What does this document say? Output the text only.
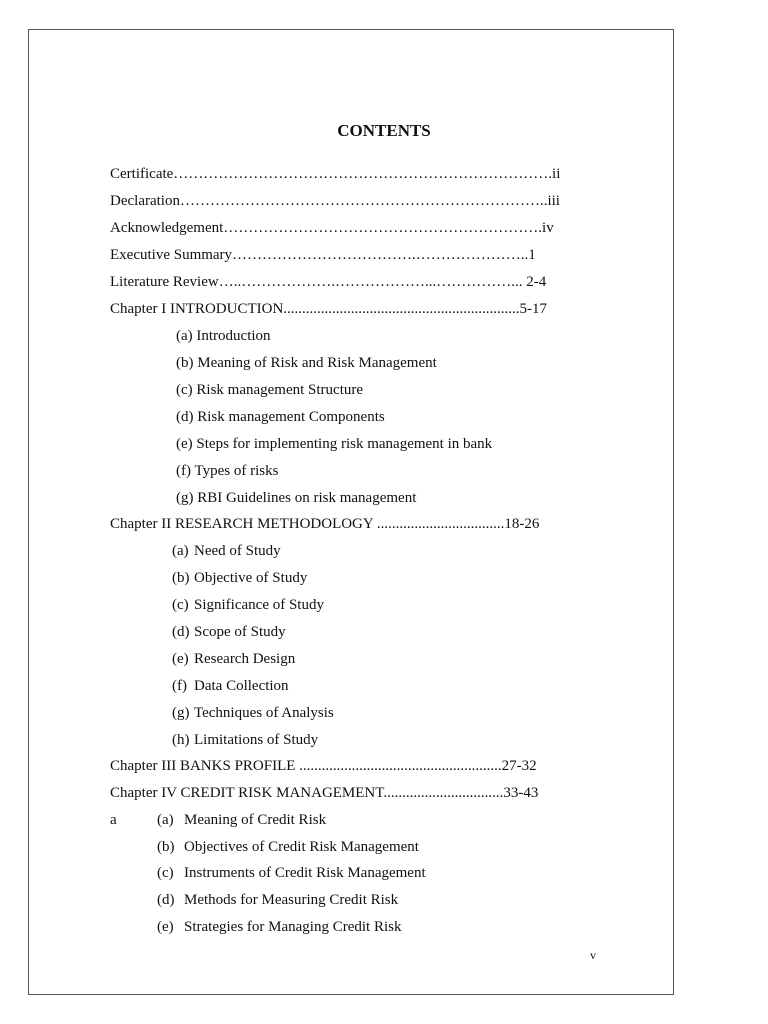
CONTENTS

Certificate………………………………………………………………….ii

Declaration………………………………………………………………..iii

Acknowledgement……………………………………………………….iv

Executive Summary……………………………….…………………..1

Literature Review…..……………….………………...……………... 2-4

Chapter I INTRODUCTION...............................................................5-17

(a) Introduction

(b) Meaning of Risk and Risk Management

(c) Risk management Structure

(d) Risk management Components

(e) Steps for implementing risk management in bank

(f) Types of risks

(g) RBI Guidelines on risk management

Chapter II RESEARCH METHODOLOGY ..................................18-26

(a) Need of Study

(b) Objective of Study

(c) Significance of Study

(d) Scope of Study

(e) Research Design

(f) Data Collection

(g) Techniques of Analysis

(h) Limitations of Study

Chapter III BANKS PROFILE ......................................................27-32

Chapter IV CREDIT RISK MANAGEMENT................................33-43

a	(a) Meaning of Credit Risk

(b) Objectives of Credit Risk Management

(c) Instruments of Credit Risk Management

(d) Methods for Measuring Credit Risk

(e) Strategies for Managing Credit Risk

v
